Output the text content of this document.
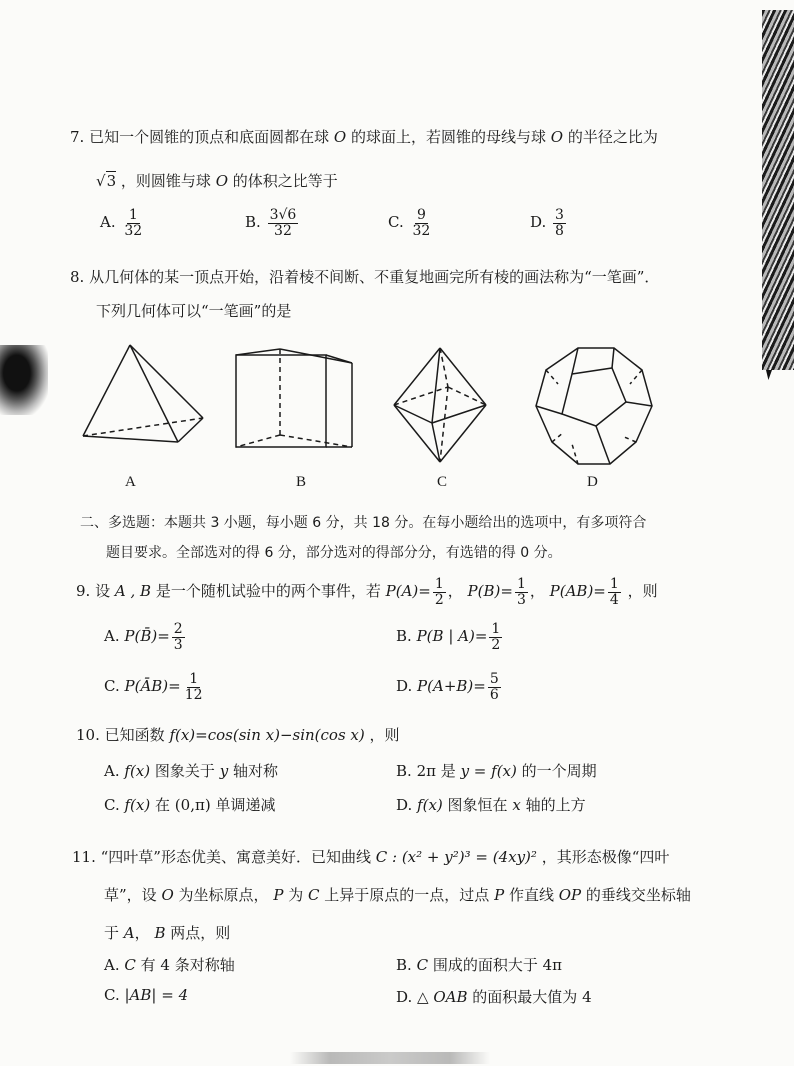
7. 已知一个圆锥的顶点和底面圆都在球 O 的球面上，若圆锥的母线与球 O 的半径之比为
√3 ，则圆锥与球 O 的体积之比等于
A. $\frac{1}{32}$	B. $\frac{3√6}{32}$	C. $\frac{9}{32}$	D. $\frac{3}{8}$
8. 从几何体的某一顶点开始，沿着棱不间断、不重复地画完所有棱的画法称为“一笔画”．
下列几何体可以“一笔画”的是
A	B	C	D
二、多选题：本题共 3 小题，每小题 6 分，共 18 分。在每小题给出的选项中，有多项符合
题目要求。全部选对的得 6 分，部分选对的得部分分，有选错的得 0 分。
9. 设 A , B 是一个随机试验中的两个事件，若 $P(A)= \frac{1}{2}$ ， $P(B)= \frac{1}{3}$ ， $P(AB)= \frac{1}{4}$ ，则
A. P(B̄)= $\frac{2}{3}$	B. P(B | $A)= \frac{1}{2}$
C. P(ĀB)= $\frac{1}{12}$	D. $P(A+B)= \frac{5}{6}$
10. 已知函数 f(x)=cos(sin x)−sin(cos x) ，则
A. f(x) 图象关于 y 轴对称	B. 2π 是 y = f(x) 的一个周期
C. f(x) 在 (0,π) 单调递减	D. f(x) 图象恒在 x 轴的上方
11. “四叶草”形态优美、寓意美好．已知曲线 C : (x² + y²)³ = (4xy)² ，其形态极像“四叶
草”，设 O 为坐标原点， P 为 C 上异于原点的一点，过点 P 作直线 OP 的垂线交坐标轴
于 A， B 两点，则
A. C 有 4 条对称轴	B. C 围成的面积大于 4π
C. |AB| = 4	D. △ OAB 的面积最大值为 4
